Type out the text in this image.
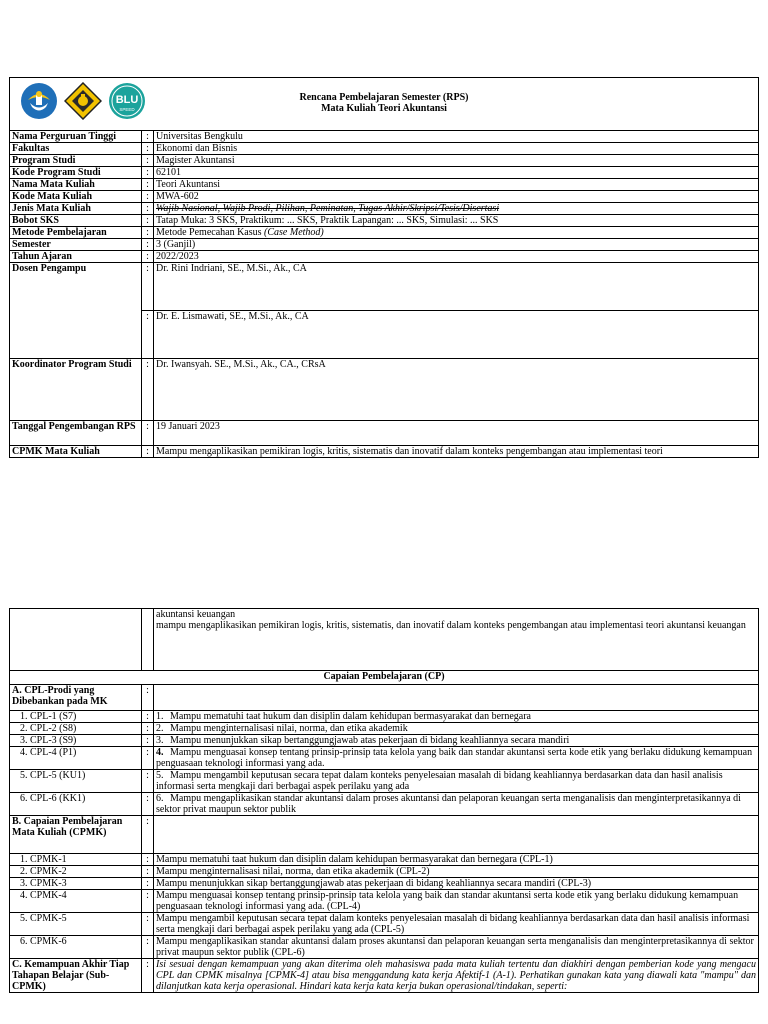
BLU
SPEED
Rencana Pembelajaran Semester (RPS)
Mata Kuliah Teori Akuntansi		

Nama Perguruan Tinggi	:	Universitas Bengkulu
Fakultas	:	Ekonomi dan Bisnis
Program Studi	:	Magister Akuntansi
Kode Program Studi	:	62101
Nama Mata Kuliah	:	Teori Akuntansi
Kode Mata Kuliah	:	MWA-602
Jenis Mata Kuliah	:	Wajib Nasional, Wajib Prodi, Pilihan, Peminatan, Tugas Akhir/Skripsi/Tesis/Disertasi
Bobot SKS	:	Tatap Muka: 3 SKS, Praktikum: ... SKS, Praktik Lapangan: ... SKS, Simulasi: ... SKS
Metode Pembelajaran	:	Metode Pemecahan Kasus (Case Method)
Semester	:	3 (Ganjil)
Tahun Ajaran	:	2022/2023
Dosen Pengampu	:	Dr. Rini Indriani, SE., M.Si., Ak., CA
	:	Dr. E. Lismawati, SE., M.Si., Ak., CA
Koordinator Program Studi	:	Dr. Iwansyah. SE., M.Si., Ak., CA., CRsA
Tanggal Pengembangan RPS	:	19 Januari 2023
CPMK Mata Kuliah	:	Mampu mengaplikasikan pemikiran logis, kritis, sistematis dan inovatif dalam konteks pengembangan atau implementasi teori

		akuntansi keuangan
mampu mengaplikasikan pemikiran logis, kritis, sistematis, dan inovatif dalam konteks pengembangan atau implementasi teori akuntansi keuangan

Capaian Pembelajaran (CP)		
A. CPL-Prodi yang Dibebankan pada MK	:	
1. CPL-1 (S7)	:	1. Mampu mematuhi taat hukum dan disiplin dalam kehidupan bermasyarakat dan bernegara
2. CPL-2 (S8)	:	2. Mampu menginternalisasi nilai, norma, dan etika akademik
3. CPL-3 (S9)	:	3. Mampu menunjukkan sikap bertanggungjawab atas pekerjaan di bidang keahliannya secara mandiri
4. CPL-4 (P1)	:	4. Mampu menguasai konsep tentang prinsip-prinsip tata kelola yang baik dan standar akuntansi serta kode etik yang berlaku didukung kemampuan penguasaan teknologi informasi yang ada.
5. CPL-5 (KU1)	:	5. Mampu mengambil keputusan secara tepat dalam konteks penyelesaian masalah di bidang keahliannya berdasarkan data dan hasil analisis informasi serta mengkaji dari berbagai aspek perilaku yang ada
6. CPL-6 (KK1)	:	6. Mampu mengaplikasikan standar akuntansi dalam proses akuntansi dan pelaporan keuangan serta menganalisis dan menginterpretasikannya di sektor privat maupun sektor publik
B. Capaian Pembelajaran Mata Kuliah (CPMK)	:	
1. CPMK-1	:	Mampu mematuhi taat hukum dan disiplin dalam kehidupan bermasyarakat dan bernegara (CPL-1)
2. CPMK-2	:	Mampu menginternalisasi nilai, norma, dan etika akademik (CPL-2)
3. CPMK-3	:	Mampu menunjukkan sikap bertanggungjawab atas pekerjaan di bidang keahliannya secara mandiri (CPL-3)
4. CPMK-4	:	Mampu menguasai konsep tentang prinsip-prinsip tata kelola yang baik dan standar akuntansi serta kode etik yang berlaku didukung kemampuan penguasaan teknologi informasi yang ada. (CPL-4)
5. CPMK-5	:	Mampu mengambil keputusan secara tepat dalam konteks penyelesaian masalah di bidang keahliannya berdasarkan data dan hasil analisis informasi serta mengkaji dari berbagai aspek perilaku yang ada (CPL-5)
6. CPMK-6	:	Mampu mengaplikasikan standar akuntansi dalam proses akuntansi dan pelaporan keuangan serta menganalisis dan menginterpretasikannya di sektor privat maupun sektor publik (CPL-6)
C. Kemampuan Akhir Tiap Tahapan Belajar (Sub-CPMK)	:	Isi sesuai dengan kemampuan yang akan diterima oleh mahasiswa pada mata kuliah tertentu dan diakhiri dengan pemberian kode yang mengacu CPL dan CPMK misalnya [CPMK-4] atau bisa menggandung kata kerja Afektif-1 (A-1). Perhatikan gunakan kata yang diawali kata "mampu" dan dilanjutkan kata kerja operasional. Hindari kata kerja kata kerja bukan operasional/tindakan, seperti:
